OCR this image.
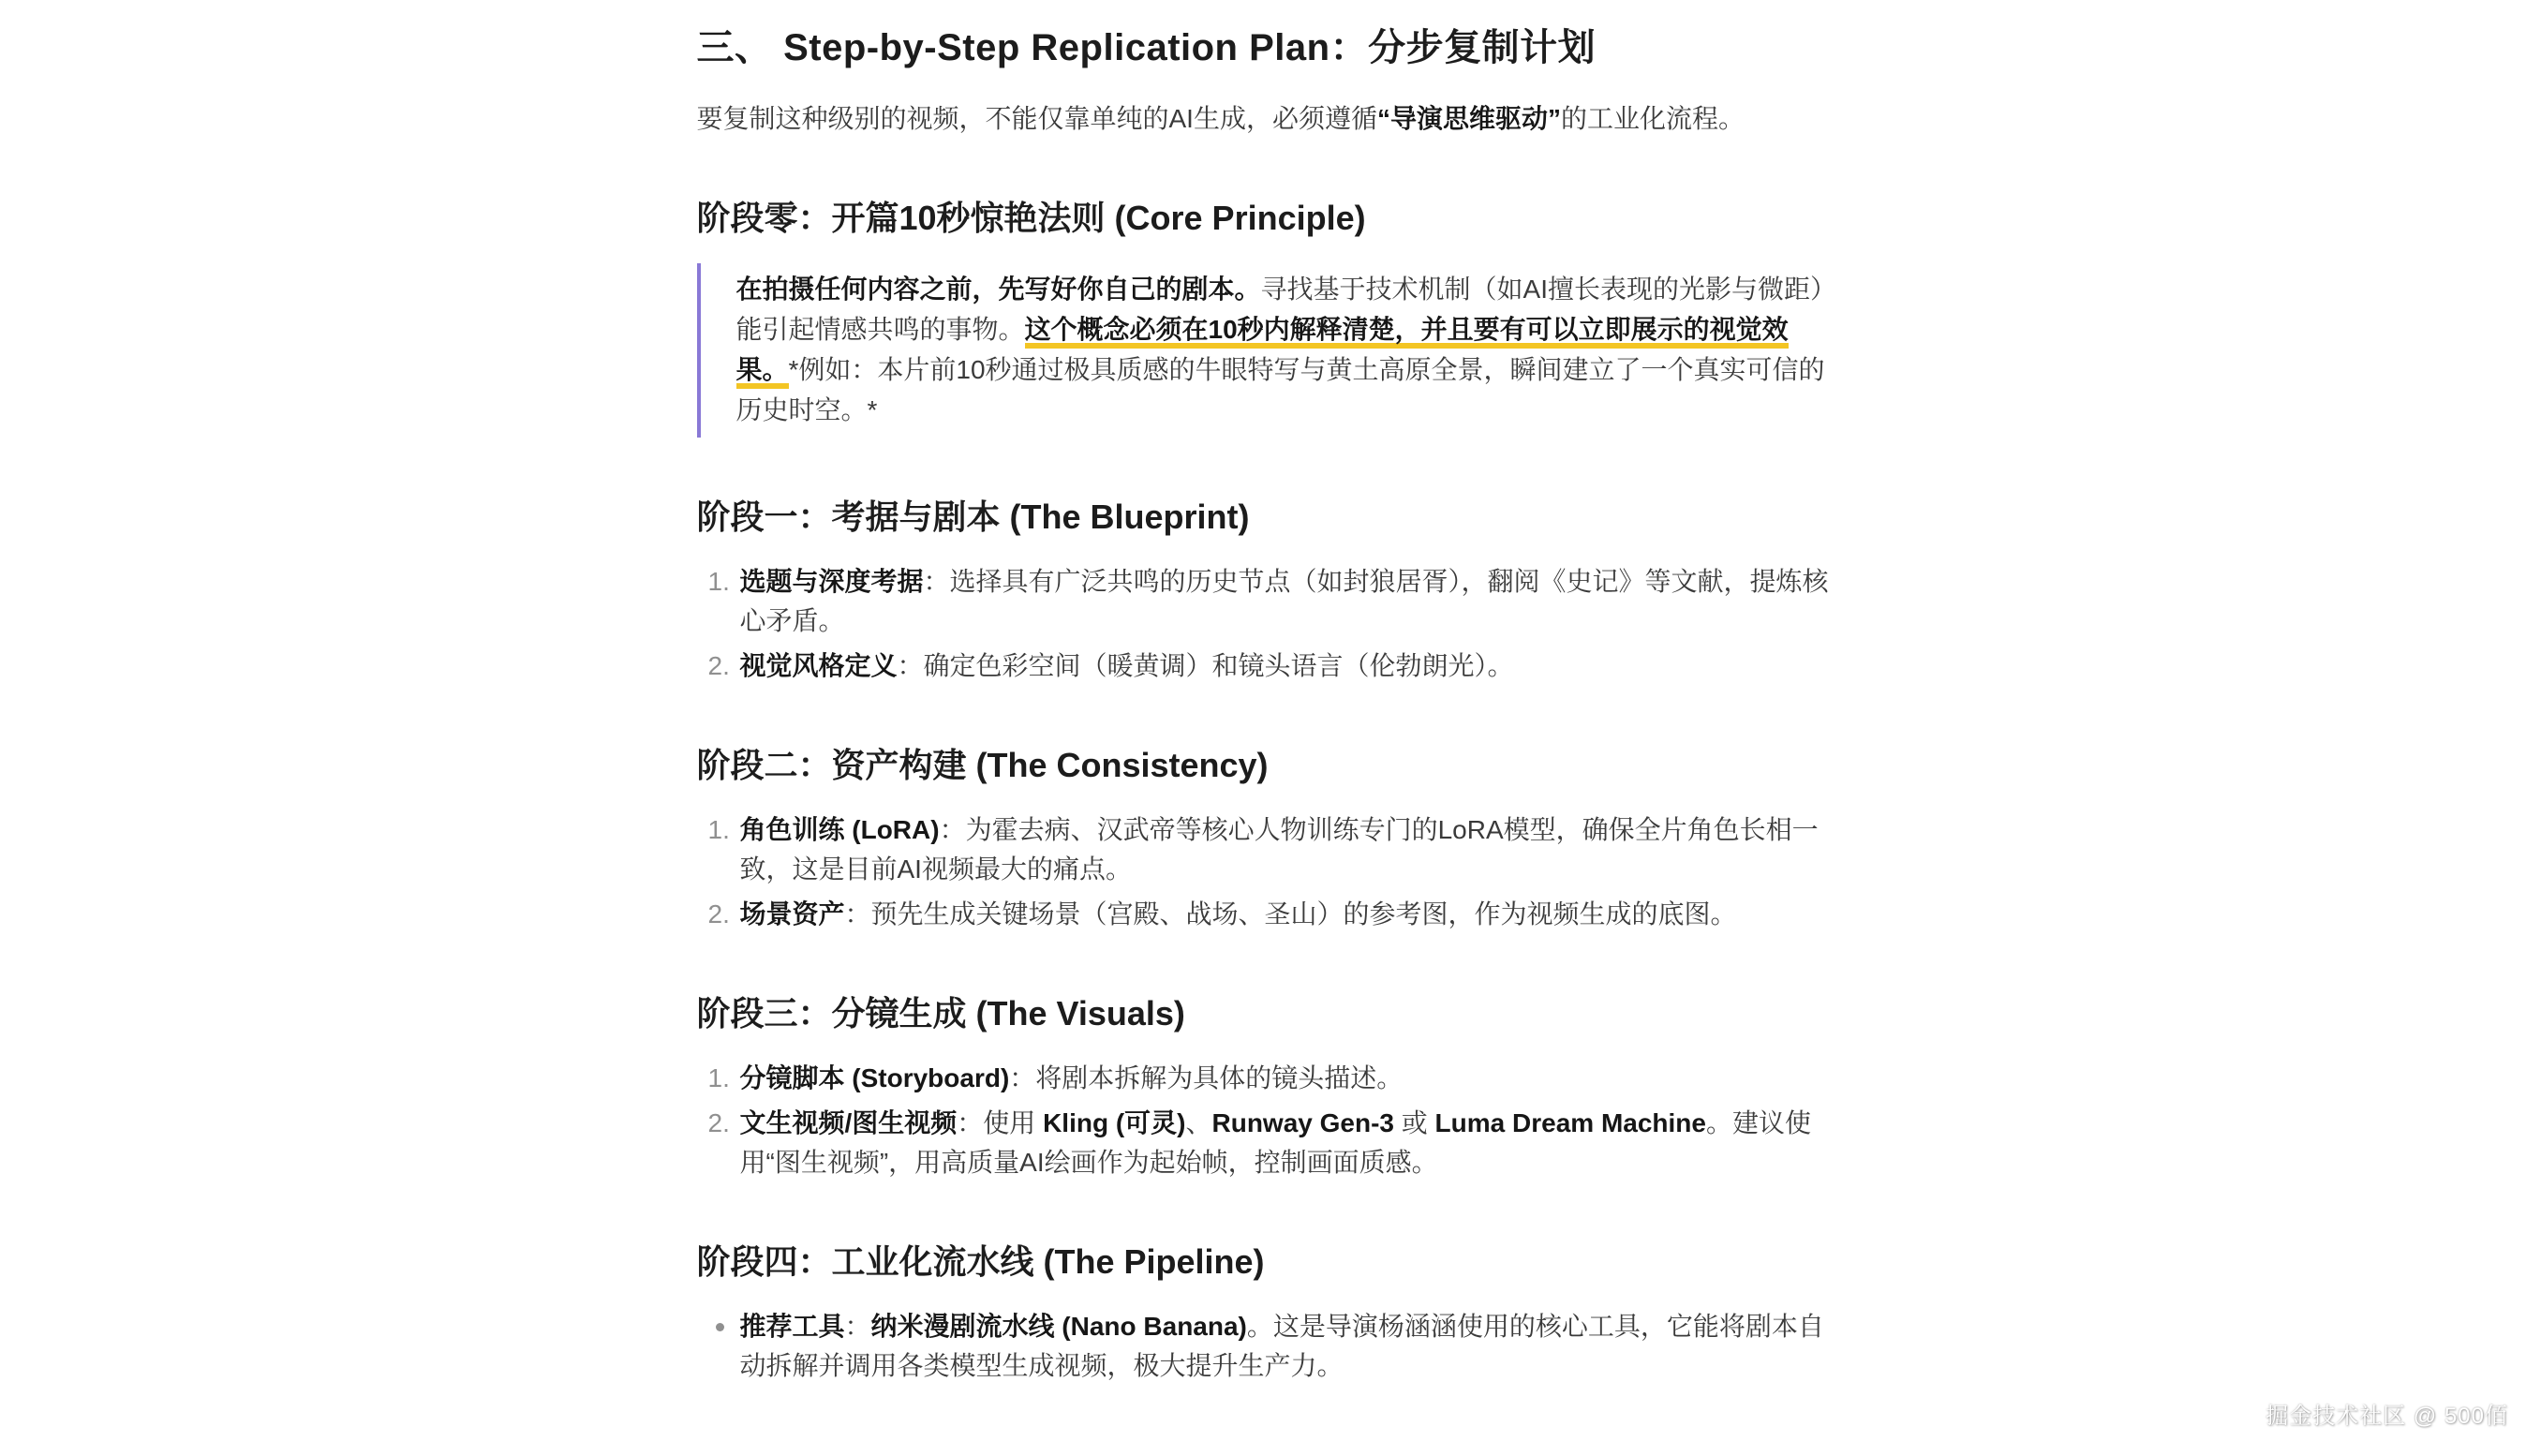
三、 Step-by-Step Replication Plan：分步复制计划

要复制这种级别的视频，不能仅靠单纯的AI生成，必须遵循“导演思维驱动”的工业化流程。

阶段零：开篇10秒惊艳法则 (Core Principle)
在拍摄任何内容之前，先写好你自己的剧本。寻找基于技术机制（如AI擅长表现的光影与微距）能引起情感共鸣的事物。这个概念必须在10秒内解释清楚，并且要有可以立即展示的视觉效果。*例如：本片前10秒通过极具质感的牛眼特写与黄土高原全景，瞬间建立了一个真实可信的历史时空。*
阶段一：考据与剧本 (The Blueprint)
选题与深度考据：选择具有广泛共鸣的历史节点（如封狼居胥），翻阅《史记》等文献，提炼核心矛盾。
视觉风格定义：确定色彩空间（暖黄调）和镜头语言（伦勃朗光）。
阶段二：资产构建 (The Consistency)
角色训练 (LoRA)：为霍去病、汉武帝等核心人物训练专门的LoRA模型，确保全片角色长相一致，这是目前AI视频最大的痛点。
场景资产：预先生成关键场景（宫殿、战场、圣山）的参考图，作为视频生成的底图。
阶段三：分镜生成 (The Visuals)
分镜脚本 (Storyboard)：将剧本拆解为具体的镜头描述。
文生视频/图生视频：使用 Kling (可灵)、Runway Gen-3 或 Luma Dream Machine。建议使用“图生视频”，用高质量AI绘画作为起始帧，控制画面质感。
阶段四：工业化流水线 (The Pipeline)
推荐工具：纳米漫剧流水线 (Nano Banana)。这是导演杨涵涵使用的核心工具，它能将剧本自动拆解并调用各类模型生成视频，极大提升生产力。
掘金技术社区 @ 500佰
